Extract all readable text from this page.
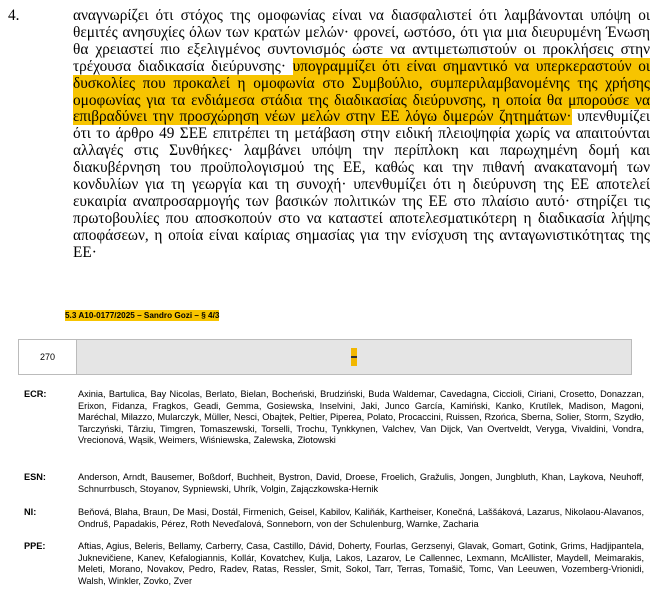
4.	αναγνωρίζει ότι στόχος της ομοφωνίας είναι να διασφαλιστεί ότι λαμβάνονται υπόψη οι θεμιτές ανησυχίες όλων των κρατών μελών· φρονεί, ωστόσο, ότι για μια διευρυμένη Ένωση θα χρειαστεί πιο εξελιγμένος συντονισμός ώστε να αντιμετωπιστούν οι προκλήσεις στην τρέχουσα διαδικασία διεύρυνσης· υπογραμμίζει ότι είναι σημαντικό να υπερκεραστούν οι δυσκολίες που προκαλεί η ομοφωνία στο Συμβούλιο, συμπεριλαμβανομένης της χρήσης ομοφωνίας για τα ενδιάμεσα στάδια της διαδικασίας διεύρυνσης, η οποία θα μπορούσε να επιβραδύνει την προσχώρηση νέων μελών στην ΕΕ λόγω διμερών ζητημάτων· υπενθυμίζει ότι το άρθρο 49 ΣΕΕ επιτρέπει τη μετάβαση στην ειδική πλειοψηφία χωρίς να απαιτούνται αλλαγές στις Συνθήκες· λαμβάνει υπόψη την περίπλοκη και παρωχημένη δομή και διακυβέρνηση του προϋπολογισμού της ΕΕ, καθώς και την πιθανή ανακατανομή των κονδυλίων για τη γεωργία και τη συνοχή· υπενθυμίζει ότι η διεύρυνση της ΕΕ αποτελεί ευκαιρία αναπροσαρμογής των βασικών πολιτικών της ΕΕ στο πλαίσιο αυτό· στηρίζει τις πρωτοβουλίες που αποσκοπούν στο να καταστεί αποτελεσματικότερη η διαδικασία λήψης αποφάσεων, η οποία είναι καίριας σημασίας για την ενίσχυση της ανταγωνιστικότητας της ΕΕ·
5.3 A10-0177/2025 – Sandro Gozi – § 4/3
270
ECR:	Axinia, Bartulica, Bay Nicolas, Berlato, Bielan, Bocheński, Brudziński, Buda Waldemar, Cavedagna, Ciccioli, Ciriani, Crosetto, Donazzan, Erixon, Fidanza, Fragkos, Geadi, Gemma, Gosiewska, Inselvini, Jaki, Junco García, Kamiński, Kanko, Krutílek, Madison, Magoni, Maréchal, Milazzo, Mularczyk, Müller, Nesci, Obajtek, Peltier, Piperea, Polato, Procaccini, Ruissen, Rzońca, Sberna, Solier, Storm, Szydło, Tarczyński, Târziu, Timgren, Tomaszewski, Torselli, Trochu, Tynkkynen, Valchev, Van Dijck, Van Overtveldt, Veryga, Vivaldini, Vondra, Vrecionová, Wąsik, Weimers, Wiśniewska, Zalewska, Złotowski
ESN:	Anderson, Arndt, Bausemer, Boßdorf, Buchheit, Bystron, David, Droese, Froelich, Gražulis, Jongen, Jungbluth, Khan, Laykova, Neuhoff, Schnurrbusch, Stoyanov, Sypniewski, Uhrík, Volgin, Zajączkowska-Hernik
NI:	Beňová, Blaha, Braun, De Masi, Dostál, Firmenich, Geisel, Kabilov, Kaliňák, Kartheiser, Konečná, Laššáková, Lazarus, Nikolaou-Alavanos, Ondruš, Papadakis, Pérez, Roth Neveďalová, Sonneborn, von der Schulenburg, Warnke, Zacharia
PPE:	Aftias, Agius, Beleris, Bellamy, Carberry, Casa, Castillo, Dávid, Doherty, Fourlas, Gerzsenyi, Glavak, Gomart, Gotink, Grims, Hadjipantela, Juknevičiene, Kanev, Kefalogiannis, Kollár, Kovatchev, Kulja, Lakos, Lazarov, Le Callennec, Lexmann, McAllister, Maydell, Meimarakis, Meleti, Morano, Novakov, Pedro, Radev, Ratas, Ressler, Smit, Sokol, Tarr, Terras, Tomašič, Tomc, Van Leeuwen, Vozemberg-Vrionidi, Walsh, Winkler, Zovko, Zver
